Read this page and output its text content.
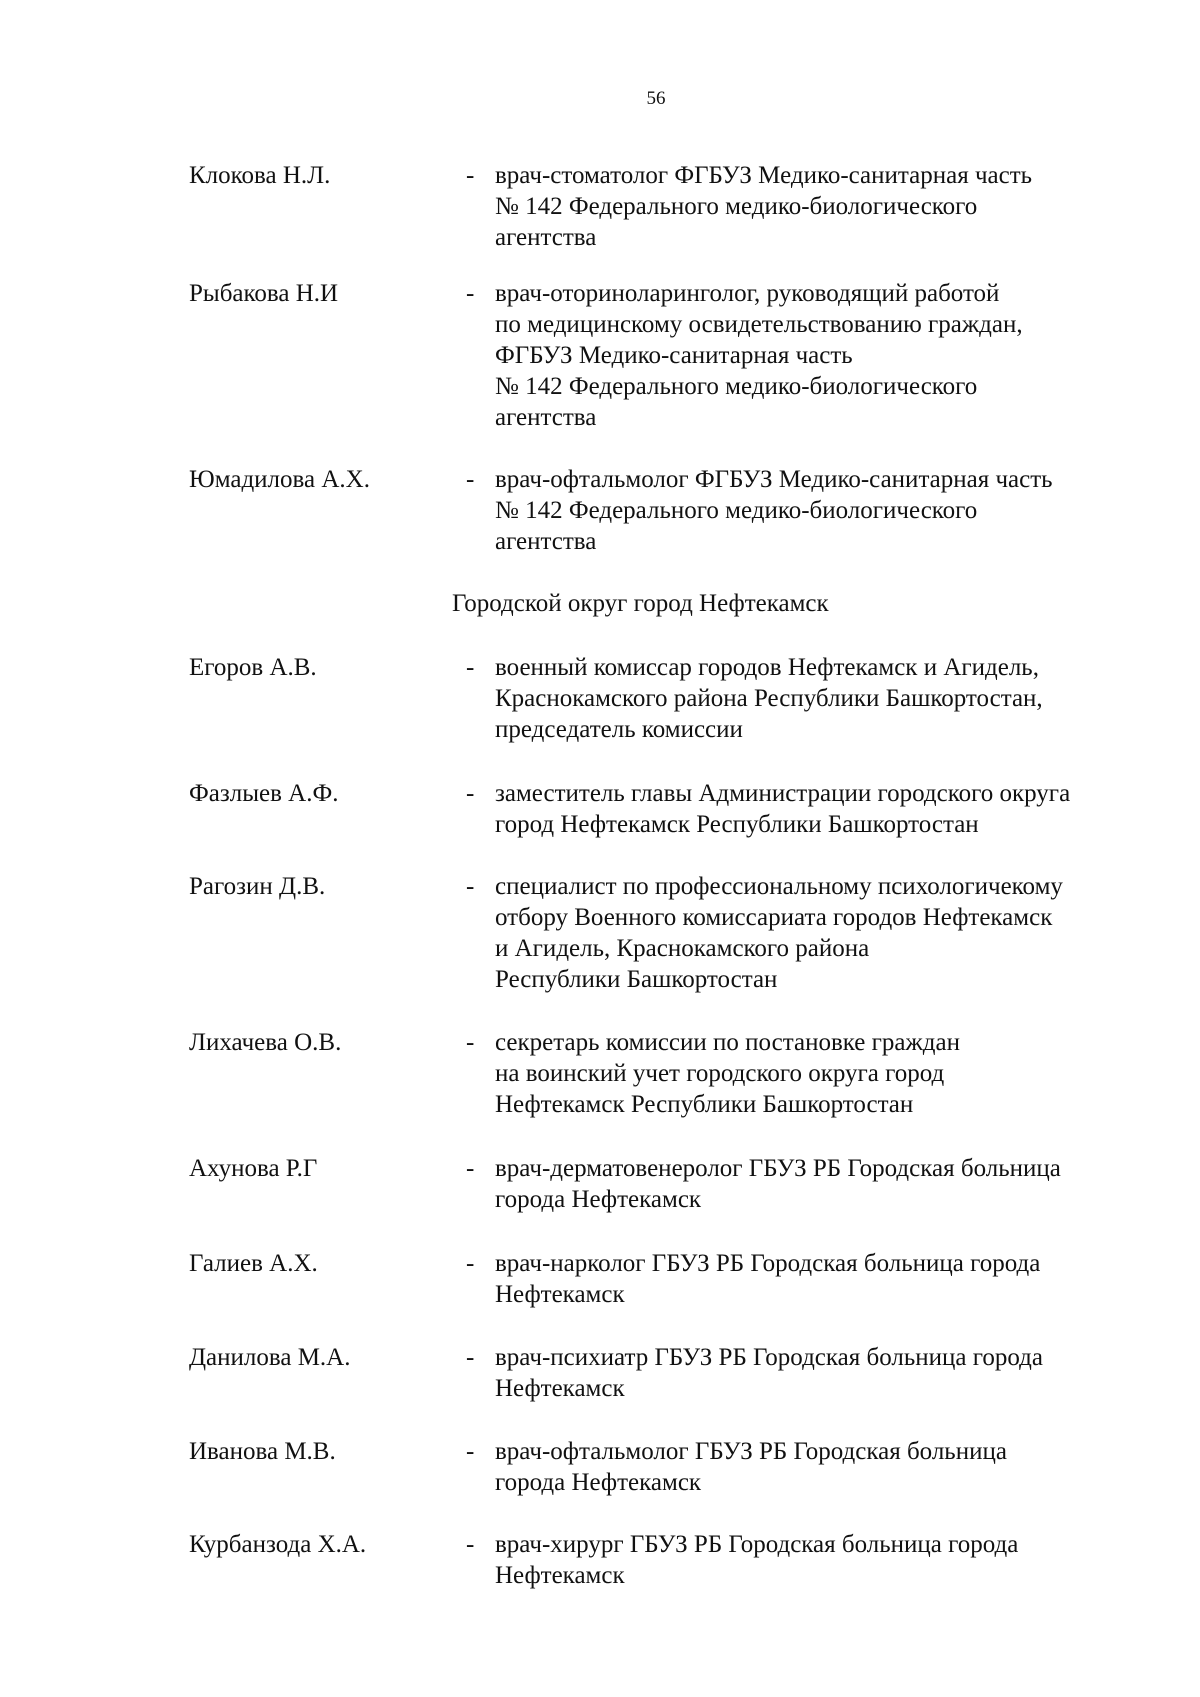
56
Клокова Н.Л.	- врач-стоматолог ФГБУЗ Медико-санитарная часть
№ 142 Федерального медико-биологического
агентства
Рыбакова Н.И	- врач-оториноларинголог, руководящий работой
по медицинскому освидетельствованию граждан,
ФГБУЗ Медико-санитарная часть
№ 142 Федерального медико-биологического
агентства
Юмадилова А.Х.	- врач-офтальмолог ФГБУЗ Медико-санитарная часть
№ 142 Федерального медико-биологического
агентства
Городской округ город Нефтекамск
Егоров А.В.	- военный комиссар городов Нефтекамск и Агидель,
Краснокамского района Республики Башкортостан,
председатель комиссии
Фазлыев А.Ф.	- заместитель главы Администрации городского округа
город Нефтекамск Республики Башкортостан
Рагозин Д.В.	- специалист по профессиональному психологичекому
отбору Военного комиссариата городов Нефтекамск
и Агидель, Краснокамского района
Республики Башкортостан
Лихачева О.В.	- секретарь комиссии по постановке граждан
на воинский учет городского округа город
Нефтекамск Республики Башкортостан
Ахунова Р.Г	- врач-дерматовенеролог ГБУЗ РБ Городская больница
города Нефтекамск
Галиев А.Х.	- врач-нарколог ГБУЗ РБ Городская больница города
Нефтекамск
Данилова М.А.	- врач-психиатр ГБУЗ РБ Городская больница города
Нефтекамск
Иванова М.В.	- врач-офтальмолог ГБУЗ РБ Городская больница
города Нефтекамск
Курбанзода Х.А.	- врач-хирург ГБУЗ РБ Городская больница города
Нефтекамск
